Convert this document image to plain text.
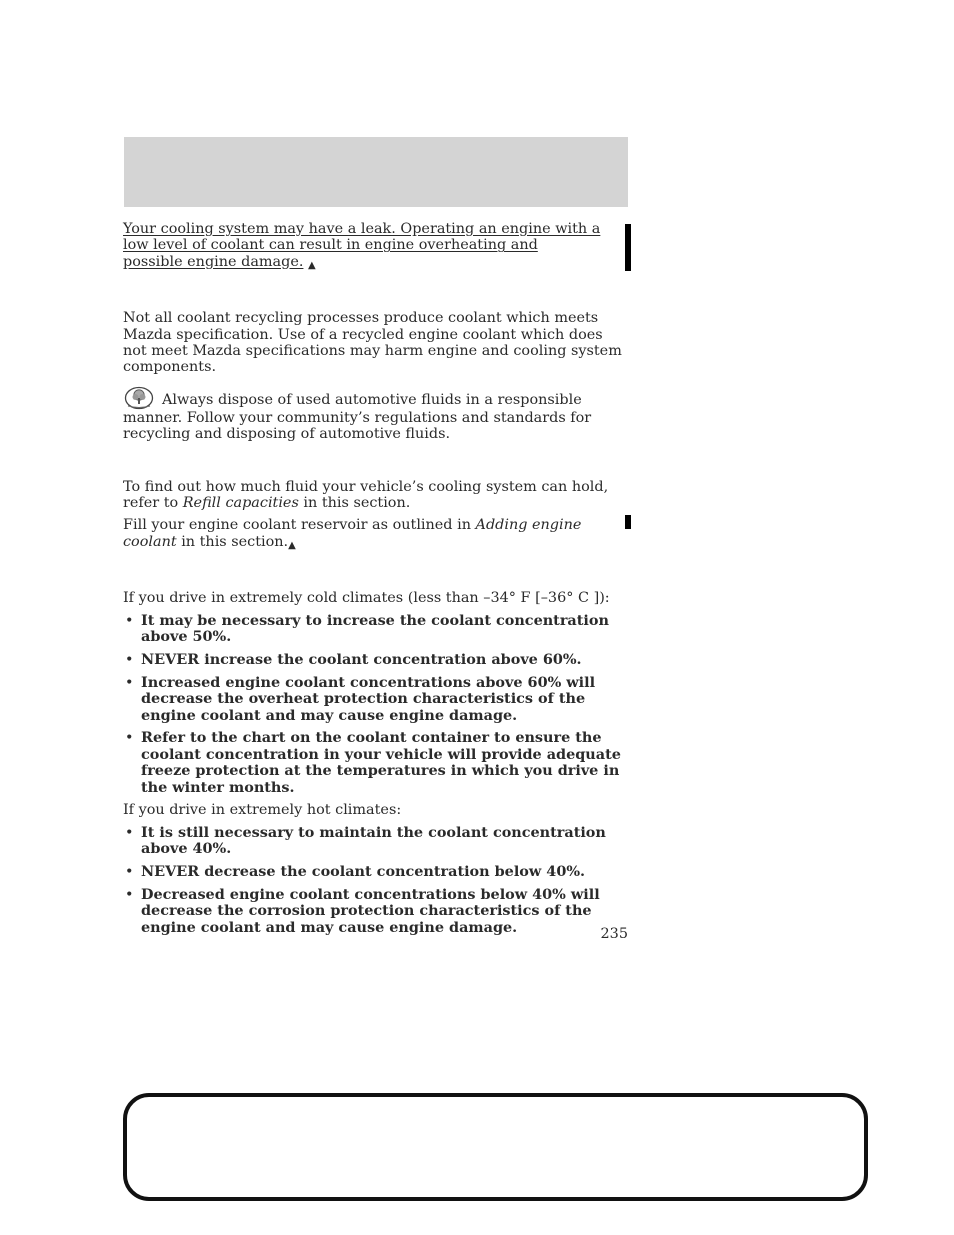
Your cooling system may have a leak. Operating an engine with a low level of coolant can result in engine overheating and possible engine damage. ▲

Not all coolant recycling processes produce coolant which meets Mazda specification. Use of a recycled engine coolant which does not meet Mazda specifications may harm engine and cooling system components.

Always dispose of used automotive fluids in a responsible manner. Follow your community’s regulations and standards for recycling and disposing of automotive fluids.

To find out how much fluid your vehicle’s cooling system can hold, refer to Refill capacities in this section.

Fill your engine coolant reservoir as outlined in Adding engine coolant in this section.▲

If you drive in extremely cold climates (less than –34° F [–36° C ]):

• It may be necessary to increase the coolant concentration above 50%.
• NEVER increase the coolant concentration above 60%.
• Increased engine coolant concentrations above 60% will decrease the overheat protection characteristics of the engine coolant and may cause engine damage.
• Refer to the chart on the coolant container to ensure the coolant concentration in your vehicle will provide adequate freeze protection at the temperatures in which you drive in the winter months.

If you drive in extremely hot climates:

• It is still necessary to maintain the coolant concentration above 40%.
• NEVER decrease the coolant concentration below 40%.
• Decreased engine coolant concentrations below 40% will decrease the corrosion protection characteristics of the engine coolant and may cause engine damage.	235
